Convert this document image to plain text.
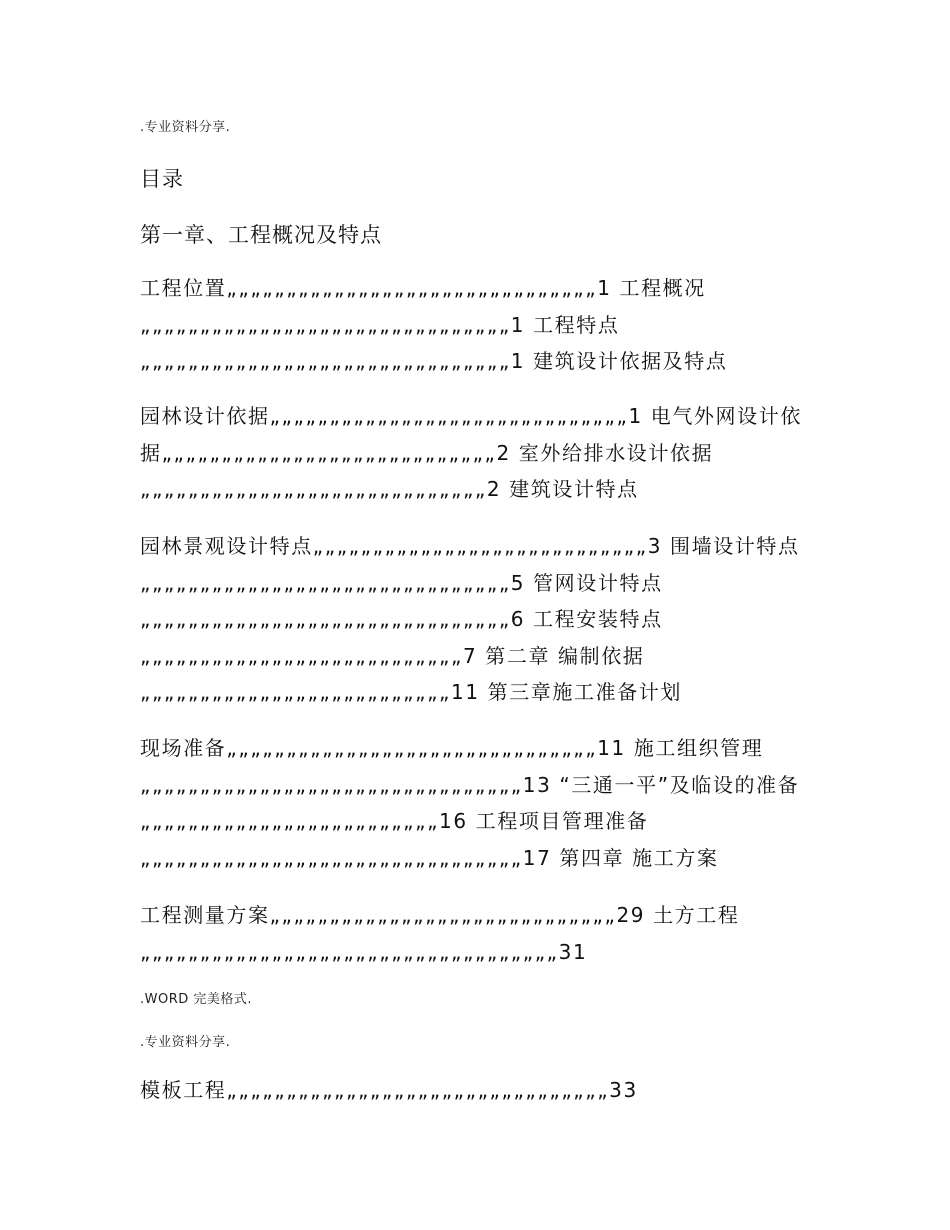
.专业资料分享.
目录
第一章、工程概况及特点
工程位置„„„„„„„„„„„„„„„„„„„„„„„„„„„„„„„1 工程概况„„„„„„„„„„„„„„„„„„„„„„„„„„„„„„„1 工程特点„„„„„„„„„„„„„„„„„„„„„„„„„„„„„„„1 建筑设计依据及特点
园林设计依据„„„„„„„„„„„„„„„„„„„„„„„„„„„„„„1 电气外网设计依据„„„„„„„„„„„„„„„„„„„„„„„„„„„„2 室外给排水设计依据„„„„„„„„„„„„„„„„„„„„„„„„„„„„„2 建筑设计特点
园林景观设计特点„„„„„„„„„„„„„„„„„„„„„„„„„„„„3 围墙设计特点„„„„„„„„„„„„„„„„„„„„„„„„„„„„„„„5 管网设计特点„„„„„„„„„„„„„„„„„„„„„„„„„„„„„„„6 工程安装特点„„„„„„„„„„„„„„„„„„„„„„„„„„„7 第二章 编制依据„„„„„„„„„„„„„„„„„„„„„„„„„„11 第三章施工准备计划
现场准备„„„„„„„„„„„„„„„„„„„„„„„„„„„„„„„11 施工组织管理„„„„„„„„„„„„„„„„„„„„„„„„„„„„„„„„13 “三通一平”及临设的准备„„„„„„„„„„„„„„„„„„„„„„„„„16 工程项目管理准备„„„„„„„„„„„„„„„„„„„„„„„„„„„„„„„„17 第四章 施工方案
工程测量方案„„„„„„„„„„„„„„„„„„„„„„„„„„„„„29 土方工程„„„„„„„„„„„„„„„„„„„„„„„„„„„„„„„„„„„31
.WORD 完美格式.
.专业资料分享.
模板工程„„„„„„„„„„„„„„„„„„„„„„„„„„„„„„„„33
